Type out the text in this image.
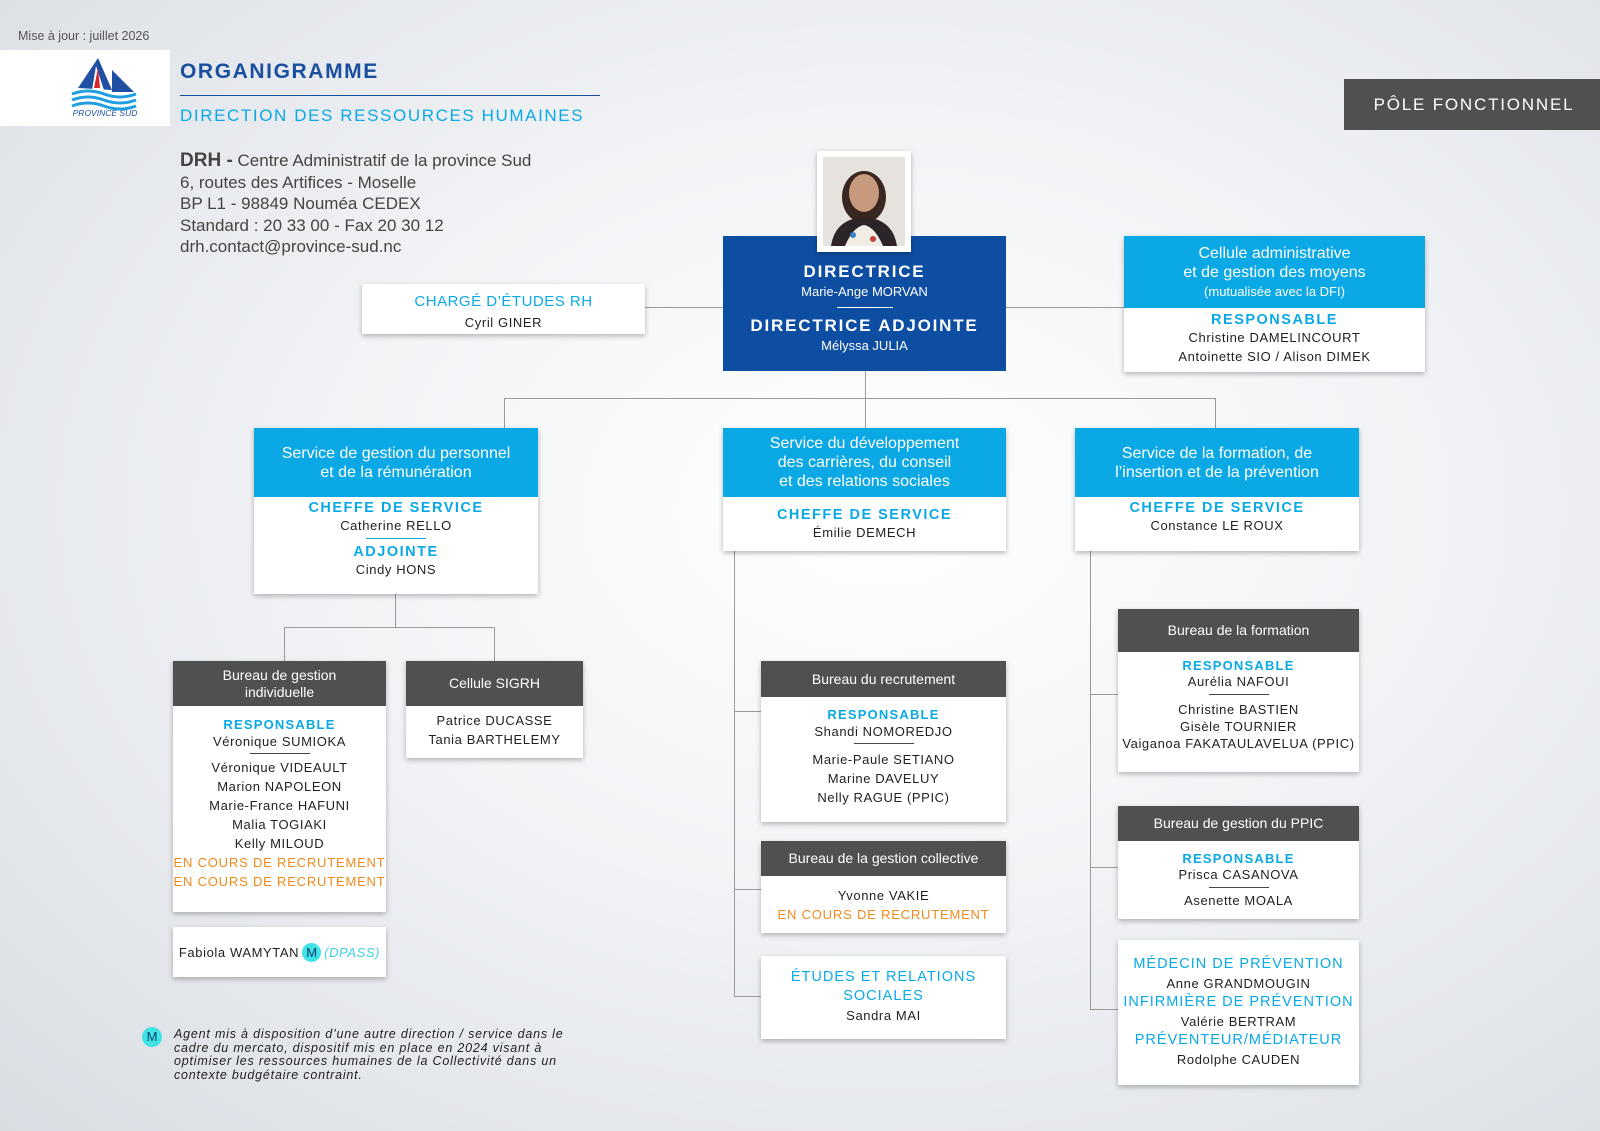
Mise à jour : juillet 2026
PROVINCE SUD
ORGANIGRAMME
DIRECTION DES RESSOURCES HUMAINES
PÔLE FONCTIONNEL
DRH - Centre Administratif de la province Sud
6, routes des Artifices - Moselle
BP L1 - 98849 Nouméa CEDEX
Standard : 20 33 00 - Fax 20 30 12
drh.contact@province-sud.nc
CHARGÉ D’ÉTUDES RH
Cyril GINER
DIRECTRICE
Marie-Ange MORVAN
DIRECTRICE ADJOINTE
Mélyssa JULIA
Cellule administrative
et de gestion des moyens
(mutualisée avec la DFI)
RESPONSABLE
Christine DAMELINCOURT
Antoinette SIO / Alison DIMEK
Service de gestion du personnel
et de la rémunération
CHEFFE DE SERVICE
Catherine RELLO
ADJOINTE
Cindy HONS
Service du développement
des carrières, du conseil
et des relations sociales
CHEFFE DE SERVICE
Émilie DEMECH
Service de la formation, de
l’insertion et de la prévention
CHEFFE DE SERVICE
Constance LE ROUX
Bureau de gestion
individuelle
RESPONSABLE
Véronique SUMIOKA
Véronique VIDEAULT
Marion NAPOLEON
Marie-France HAFUNI
Malia TOGIAKI
Kelly MILOUD
EN COURS DE RECRUTEMENT
EN COURS DE RECRUTEMENT
Cellule SIGRH
Patrice DUCASSE
Tania BARTHELEMY
Fabiola WAMYTAN M (DPASS)
Bureau du recrutement
RESPONSABLE
Shandi NOMOREDJO
Marie-Paule SETIANO
Marine DAVELUY
Nelly RAGUE (PPIC)
Bureau de la gestion collective
Yvonne VAKIE
EN COURS DE RECRUTEMENT
ÉTUDES ET RELATIONS
SOCIALES
Sandra MAI
Bureau de la formation
RESPONSABLE
Aurélia NAFOUI
Christine BASTIEN
Gisèle TOURNIER
Vaiganoa FAKATAULAVELUA (PPIC)
Bureau de gestion du PPIC
RESPONSABLE
Prisca CASANOVA
Asenette MOALA
MÉDECIN DE PRÉVENTION
Anne GRANDMOUGIN
INFIRMIÈRE DE PRÉVENTION
Valérie BERTRAM
PRÉVENTEUR/MÉDIATEUR
Rodolphe CAUDEN
M	Agent mis à disposition d’une autre direction / service dans le cadre du mercato, dispositif mis en place en 2024 visant à optimiser les ressources humaines de la Collectivité dans un contexte budgétaire contraint.
